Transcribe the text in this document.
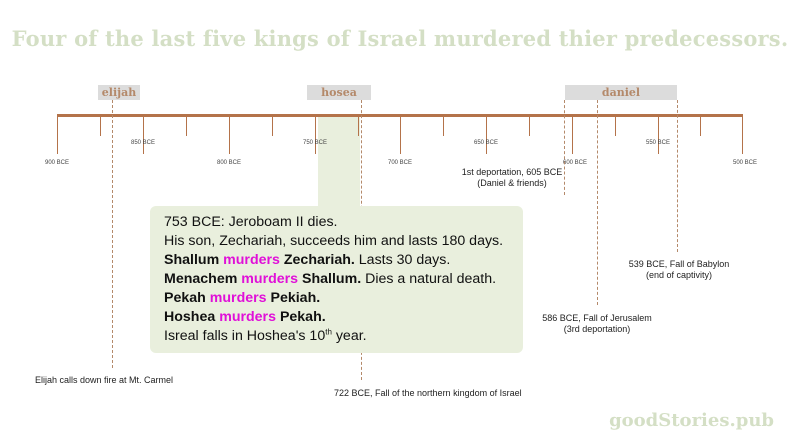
Four of the last five kings of Israel murdered thier predecessors.
elijah	hosea	daniel
900 BCE
850 BCE
800 BCE
750 BCE
700 BCE
650 BCE
600 BCE
550 BCE
500 BCE
753 BCE: Jeroboam II dies.
His son, Zechariah, succeeds him and lasts 180 days.
Shallum murders Zechariah. Lasts 30 days.
Menachem murders Shallum. Dies a natural death.
Pekah murders Pekiah.
Hoshea murders Pekah.
Isreal falls in Hoshea's 10th year.
Elijah calls down fire at Mt. Carmel
722 BCE, Fall of the northern kingdom of Israel
1st deportation, 605 BCE
(Daniel & friends)
586 BCE, Fall of Jerusalem
(3rd deportation)
539 BCE, Fall of Babylon
(end of captivity)
goodStories.pub
